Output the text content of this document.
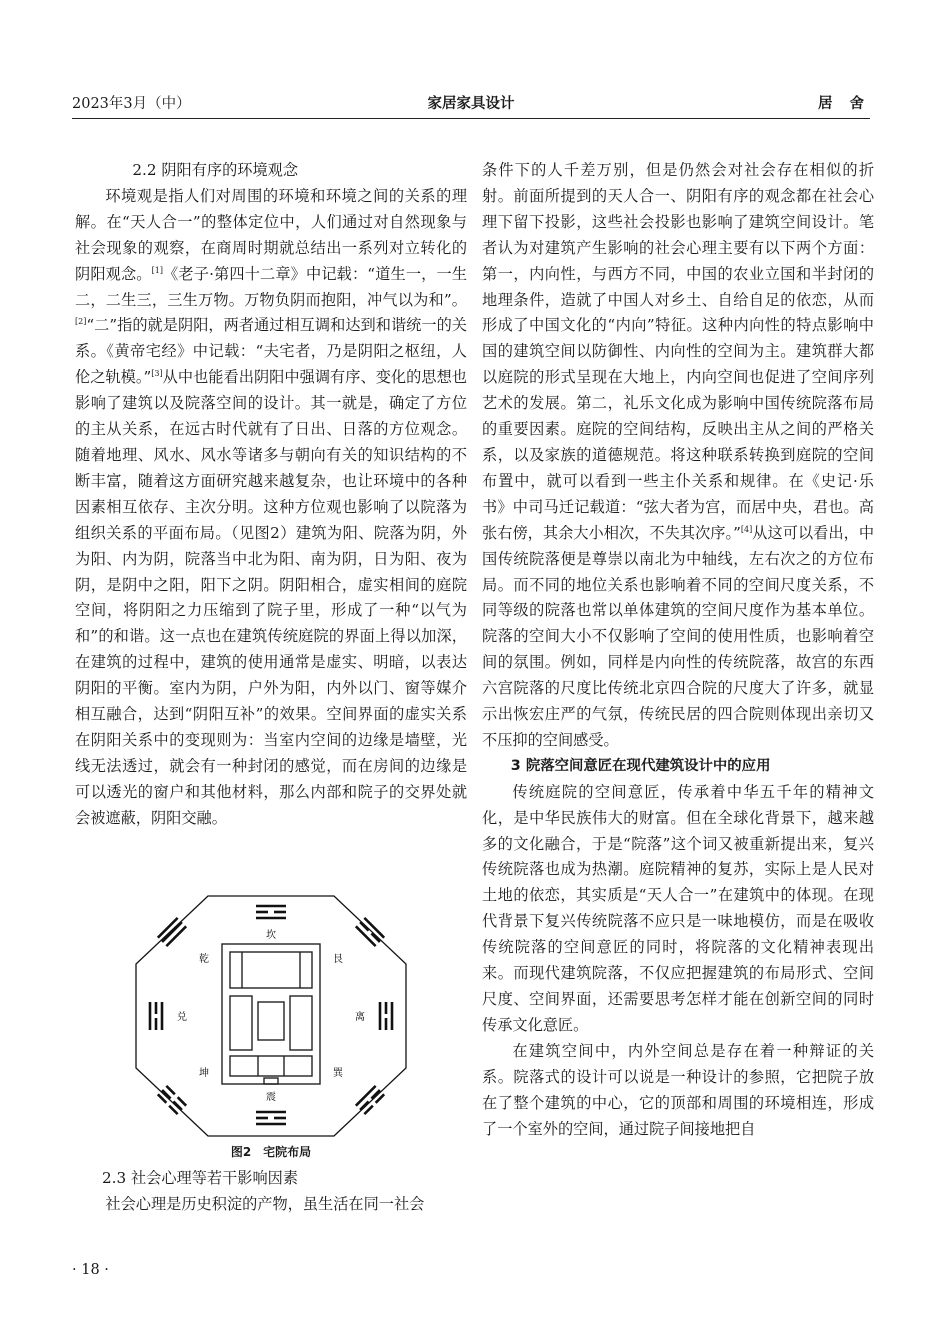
2023年3月（中）	家居家具设计	居 舍

2.2 阴阳有序的环境观念

环境观是指人们对周围的环境和环境之间的关系的理解。在“天人合一”的整体定位中，人们通过对自然现象与社会现象的观察，在商周时期就总结出一系列对立转化的阴阳观念。[1]《老子·第四十二章》中记载：“道生一，一生二，二生三，三生万物。万物负阴而抱阳，冲气以为和”。[2]“二”指的就是阴阳，两者通过相互调和达到和谐统一的关系。《黄帝宅经》中记载：“夫宅者，乃是阴阳之枢纽，人伦之轨模。”[3]从中也能看出阴阳中强调有序、变化的思想也影响了建筑以及院落空间的设计。其一就是，确定了方位的主从关系，在远古时代就有了日出、日落的方位观念。随着地理、风水、风水等诸多与朝向有关的知识结构的不断丰富，随着这方面研究越来越复杂，也让环境中的各种因素相互依存、主次分明。这种方位观也影响了以院落为组织关系的平面布局。（见图2）建筑为阳、院落为阴，外为阳、内为阴，院落当中北为阳、南为阴，日为阳、夜为阴，是阴中之阳，阳下之阴。阴阳相合，虚实相间的庭院空间，将阴阳之力压缩到了院子里，形成了一种“以气为和”的和谐。这一点也在建筑传统庭院的界面上得以加深，在建筑的过程中，建筑的使用通常是虚实、明暗，以表达阴阳的平衡。室内为阴，户外为阳，内外以门、窗等媒介相互融合，达到“阴阳互补”的效果。空间界面的虚实关系在阴阳关系中的变现则为：当室内空间的边缘是墙壁，光线无法透过，就会有一种封闭的感觉，而在房间的边缘是可以透光的窗户和其他材料，那么内部和院子的交界处就会被遮蔽，阴阳交融。

坎
震
兑	离
乾	艮
坤	巽
图2　宅院布局

2.3 社会心理等若干影响因素

社会心理是历史积淀的产物，虽生活在同一社会

条件下的人千差万别，但是仍然会对社会存在相似的折射。前面所提到的天人合一、阴阳有序的观念都在社会心理下留下投影，这些社会投影也影响了建筑空间设计。笔者认为对建筑产生影响的社会心理主要有以下两个方面：第一，内向性，与西方不同，中国的农业立国和半封闭的地理条件，造就了中国人对乡土、自给自足的依恋，从而形成了中国文化的“内向”特征。这种内向性的特点影响中国的建筑空间以防御性、内向性的空间为主。建筑群大都以庭院的形式呈现在大地上，内向空间也促进了空间序列艺术的发展。第二，礼乐文化成为影响中国传统院落布局的重要因素。庭院的空间结构，反映出主从之间的严格关系，以及家族的道德规范。将这种联系转换到庭院的空间布置中，就可以看到一些主仆关系和规律。在《史记·乐书》中司马迁记载道：“弦大者为宫，而居中央，君也。高张右傍，其余大小相次，不失其次序。”[4]从这可以看出，中国传统院落便是尊崇以南北为中轴线，左右次之的方位布局。而不同的地位关系也影响着不同的空间尺度关系，不同等级的院落也常以单体建筑的空间尺度作为基本单位。院落的空间大小不仅影响了空间的使用性质，也影响着空间的氛围。例如，同样是内向性的传统院落，故宫的东西六宫院落的尺度比传统北京四合院的尺度大了许多，就显示出恢宏庄严的气氛，传统民居的四合院则体现出亲切又不压抑的空间感受。

3 院落空间意匠在现代建筑设计中的应用

传统庭院的空间意匠，传承着中华五千年的精神文化，是中华民族伟大的财富。但在全球化背景下，越来越多的文化融合，于是“院落”这个词又被重新提出来，复兴传统院落也成为热潮。庭院精神的复苏，实际上是人民对土地的依恋，其实质是“天人合一”在建筑中的体现。在现代背景下复兴传统院落不应只是一味地模仿，而是在吸收传统院落的空间意匠的同时，将院落的文化精神表现出来。而现代建筑院落，不仅应把握建筑的布局形式、空间尺度、空间界面，还需要思考怎样才能在创新空间的同时传承文化意匠。

在建筑空间中，内外空间总是存在着一种辩证的关系。院落式的设计可以说是一种设计的参照，它把院子放在了整个建筑的中心，它的顶部和周围的环境相连，形成了一个室外的空间，通过院子间接地把自

· 18 ·
